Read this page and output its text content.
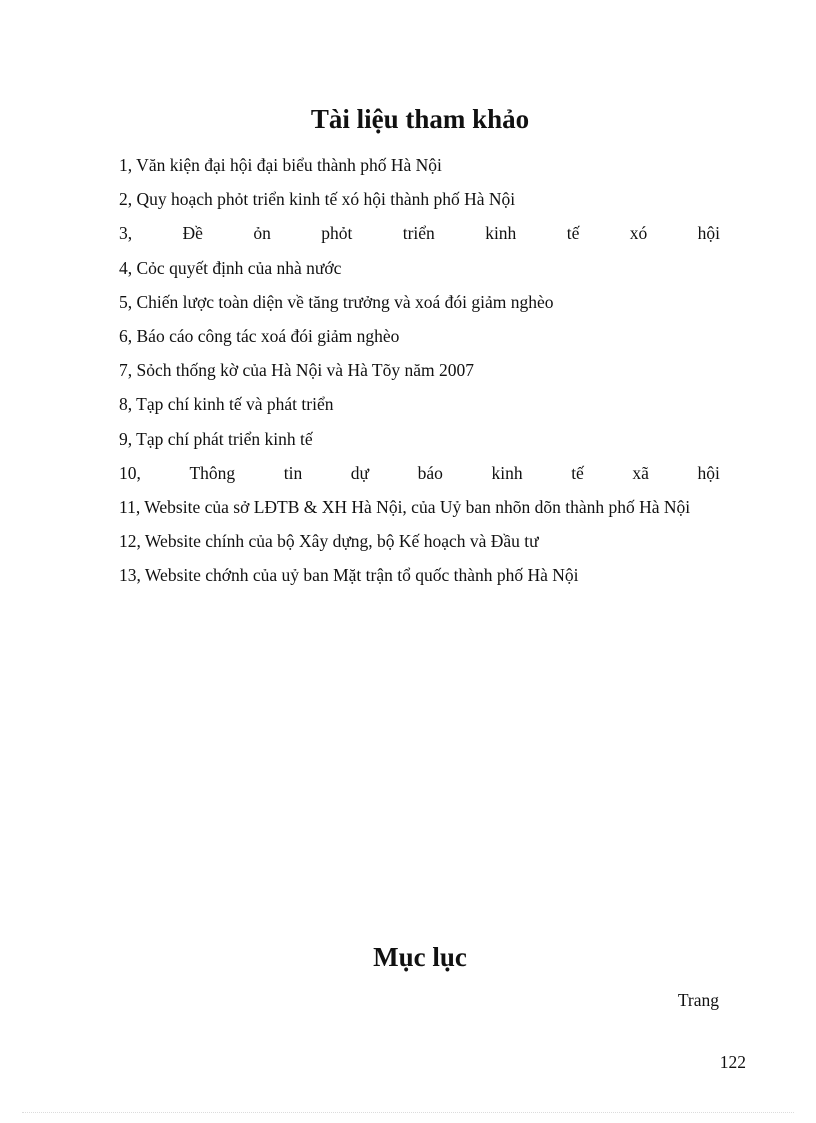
Tài liệu tham khảo
1, Văn kiện đại hội đại biểu thành phố Hà Nội
2, Quy hoạch phỏt triển kinh tế xó hội thành phố Hà Nội
3,	Đề	ỏn	phỏt	triển	kinh	tế	xó	hội
4, Cỏc quyết định của nhà nước
5, Chiến lược toàn diện về tăng trưởng và xoá đói giảm nghèo
6, Báo cáo công tác xoá đói giảm nghèo
7, Sỏch thống kờ của Hà Nội và Hà Tõy năm 2007
8, Tạp chí kinh tế và phát triển
9, Tạp chí phát triển kinh tế
10,	Thông	tin	dự	báo	kinh	tế	xã	hội
11, Website của sở LĐTB & XH Hà Nội, của Uỷ ban nhõn dõn thành phố Hà Nội
12, Website chính của bộ Xây dựng, bộ Kế hoạch và Đầu tư
13, Website chớnh của uỷ ban Mặt trận tổ quốc thành phố Hà Nội
Mục lục
Trang
122
